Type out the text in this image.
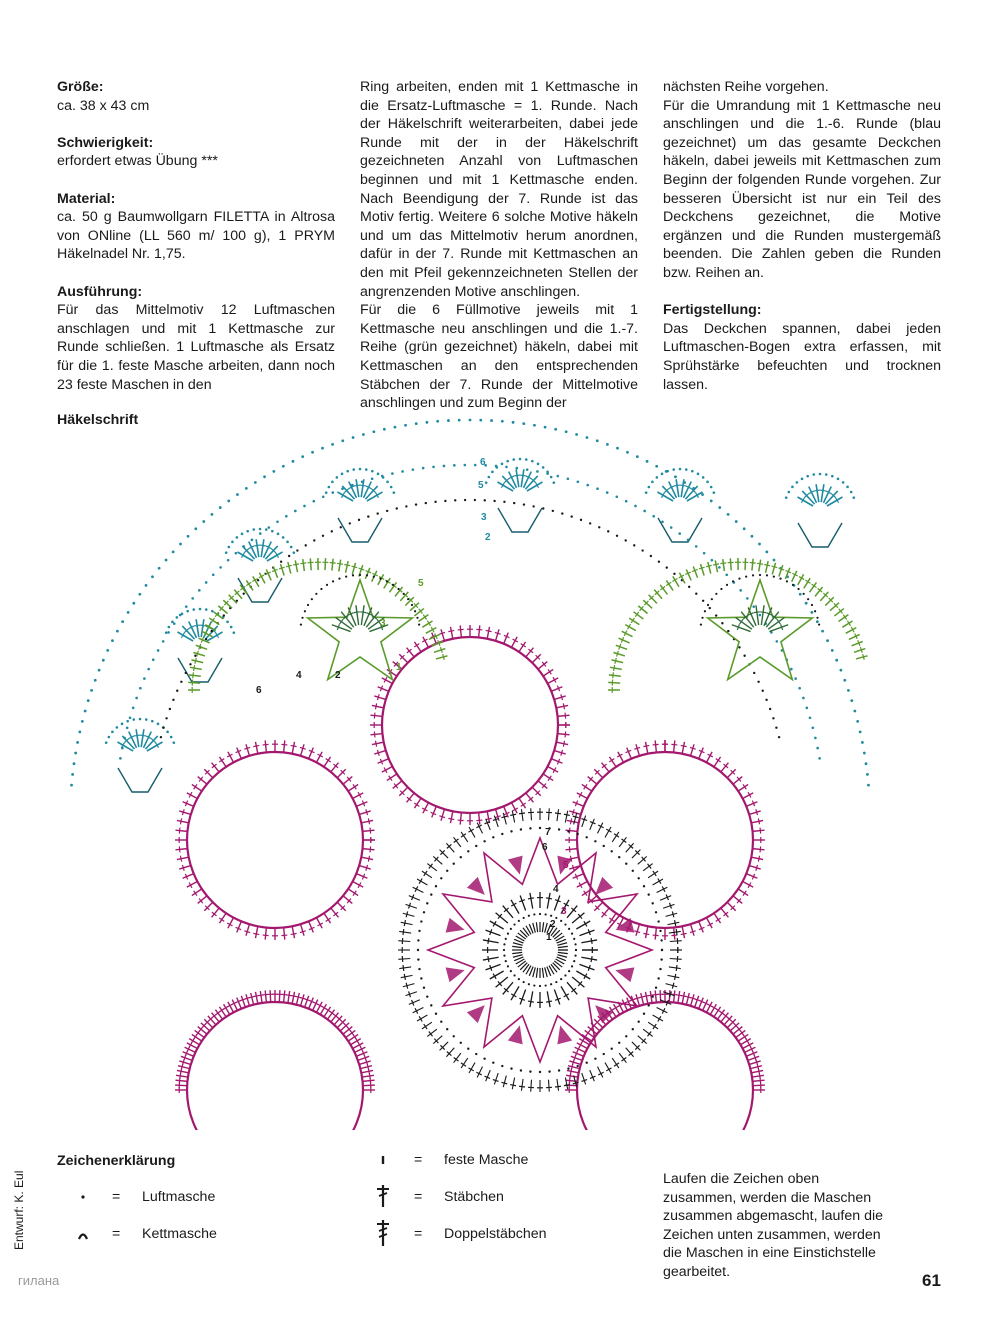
Größe:

ca. 38 x 43 cm

Schwierigkeit:

erfordert etwas Übung ***

Material:

ca. 50 g Baumwollgarn FILETTA in Altrosa von ONline (LL 560 m/ 100 g), 1 PRYM Häkelnadel Nr. 1,75.

Ausführung:

Für das Mittelmotiv 12 Luftmaschen anschlagen und mit 1 Kettmasche zur Runde schließen. 1 Luftmasche als Ersatz für die 1. feste Masche arbeiten, dann noch 23 feste Maschen in den

Ring arbeiten, enden mit 1 Kettmasche in die Ersatz-Luftmasche = 1. Runde. Nach der Häkelschrift weiterarbeiten, dabei jede Runde mit der in der Häkelschrift gezeichneten Anzahl von Luftmaschen beginnen und mit 1 Kettmasche enden. Nach Beendigung der 7. Runde ist das Motiv fertig. Weitere 6 solche Motive häkeln und um das Mittelmotiv herum anordnen, dafür in der 7. Runde mit Kettmaschen an den mit Pfeil gekennzeichneten Stellen der angrenzenden Motive anschlingen.

Für die 6 Füllmotive jeweils mit 1 Kettmasche neu anschlingen und die 1.-7. Reihe (grün gezeichnet) häkeln, dabei mit Kettmaschen an den entsprechenden Stäbchen der 7. Runde der Mittelmotive anschlingen und zum Beginn der

nächsten Reihe vorgehen.

Für die Umrandung mit 1 Kettmasche neu anschlingen und die 1.-6. Runde (blau gezeichnet) um das gesamte Deckchen häkeln, dabei jeweils mit Kettmaschen zum Beginn der folgenden Runde vorgehen. Zur besseren Übersicht ist nur ein Teil des Deckchens gezeichnet, die Motive ergänzen und die Runden mustergemäß beenden. Die Zahlen geben die Runden bzw. Reihen an.

Fertigstellung:

Das Deckchen spannen, dabei jeden Luftmaschen-Bogen extra erfassen, mit Sprühstärke befeuchten und trocknen lassen.

Häkelschrift
7
6
5
4
3
2
1
1
2
3
4
5
6
2
3
5
6
Zeichenerklärung
= Luftmasche
= Kettmasche
= feste Masche
= Stäbchen
= Doppelstäbchen
Laufen die Zeichen oben zusammen, werden die Maschen zusammen abgemascht, laufen die Zeichen unten zusammen, werden die Maschen in eine Einstichstelle gearbeitet.
Entwurf: K. Eul
гилана	61
